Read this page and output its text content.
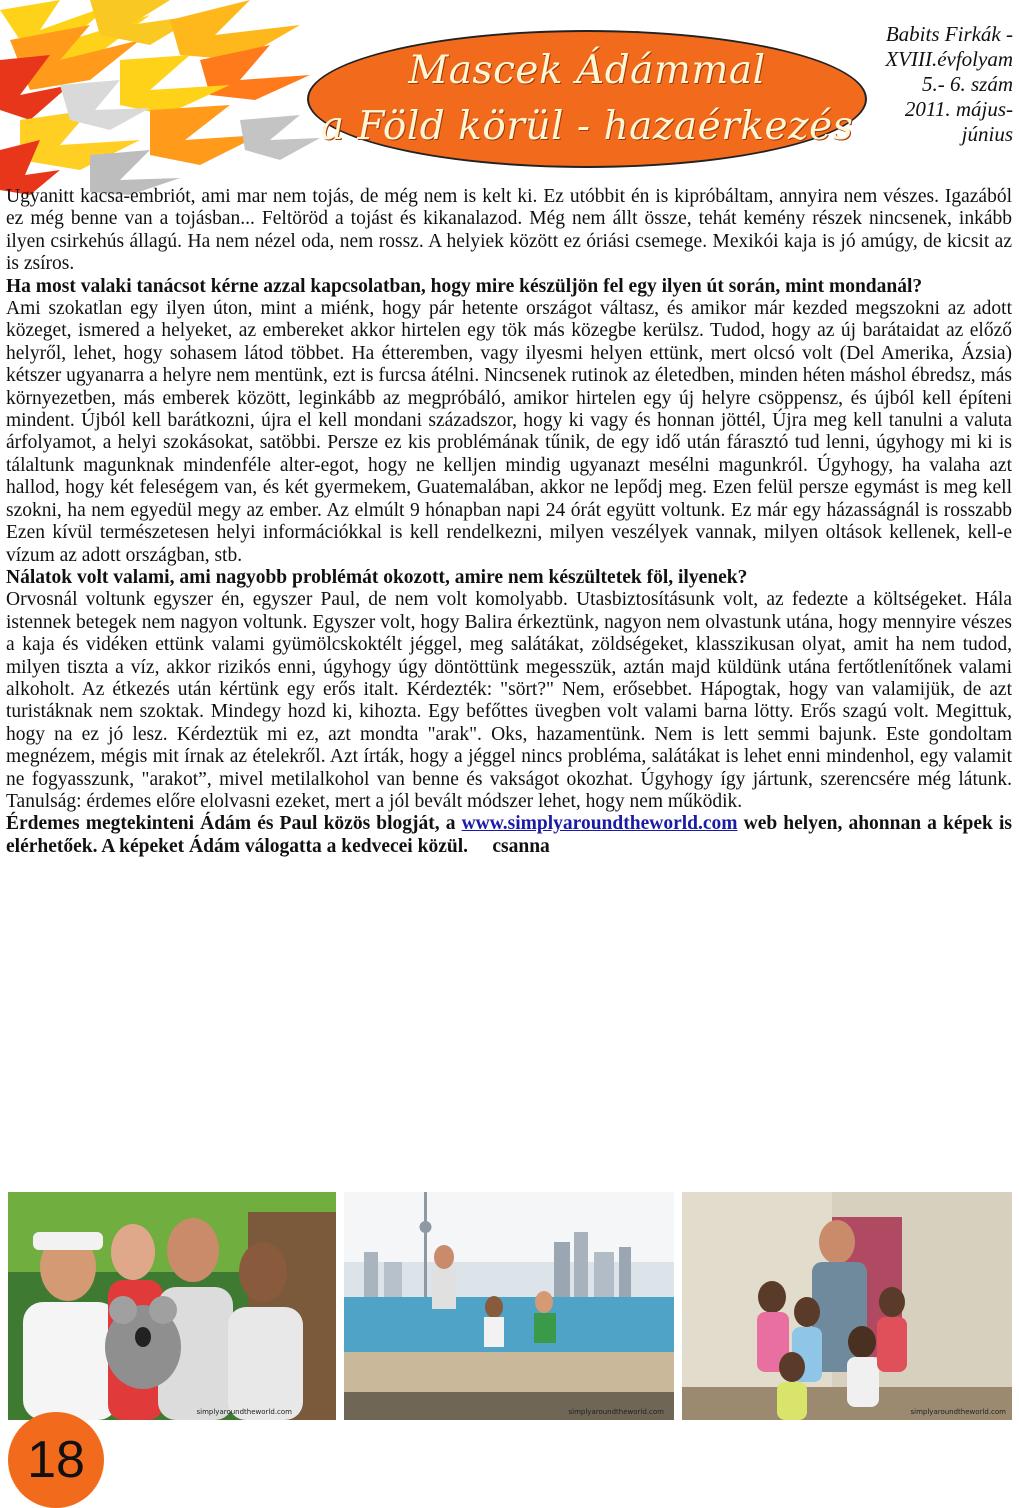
Mascek Ádámmal
a Föld körül - hazaérkezés
Babits Firkák -
XVIII.évfolyam
5.- 6. szám
2011. május-
június

Ugyanitt kacsa-embriót, ami mar nem tojás, de még nem is kelt ki. Ez utóbbit én is kipróbáltam, annyira nem vészes. Igazából ez még benne van a tojásban... Feltöröd a tojást és kikanalazod. Még nem állt össze, tehát kemény részek nincsenek, inkább ilyen csirkehús állagú. Ha nem nézel oda, nem rossz. A helyiek között ez óriási csemege. Mexikói kaja is jó amúgy, de kicsit az is zsíros.

Ha most valaki tanácsot kérne azzal kapcsolatban, hogy mire készüljön fel egy ilyen út során, mint mondanál?

Ami szokatlan egy ilyen úton, mint a miénk, hogy pár hetente országot váltasz, és amikor már kezded megszokni az adott közeget, ismered a helyeket, az embereket akkor hirtelen egy tök más közegbe kerülsz. Tudod, hogy az új barátaidat az előző helyről, lehet, hogy sohasem látod többet. Ha étteremben, vagy ilyesmi helyen ettünk, mert olcsó volt (Del Amerika, Ázsia) kétszer ugyanarra a helyre nem mentünk, ezt is furcsa átélni. Nincsenek rutinok az életedben, minden héten máshol ébredsz, más környezetben, más emberek között, leginkább az megpróbáló, amikor hirtelen egy új helyre csöppensz, és újból kell építeni mindent. Újból kell barátkozni, újra el kell mondani századszor, hogy ki vagy és honnan jöttél, Újra meg kell tanulni a valuta árfolyamot, a helyi szokásokat, satöbbi. Persze ez kis problémának tűnik, de egy idő után fárasztó tud lenni, úgyhogy mi ki is tálaltunk magunknak mindenféle alter-egot, hogy ne kelljen mindig ugyanazt mesélni magunkról. Úgyhogy, ha valaha azt hallod, hogy két feleségem van, és két gyermekem, Guatemalában, akkor ne lepődj meg. Ezen felül persze egymást is meg kell szokni, ha nem egyedül megy az ember. Az elmúlt 9 hónapban napi 24 órát együtt voltunk. Ez már egy házasságnál is rosszabb Ezen kívül természetesen helyi információkkal is kell rendelkezni, milyen veszélyek vannak, milyen oltások kellenek, kell-e vízum az adott országban, stb.

Nálatok volt valami, ami nagyobb problémát okozott, amire nem készültetek föl, ilyenek?

Orvosnál voltunk egyszer én, egyszer Paul, de nem volt komolyabb. Utasbiztosításunk volt, az fedezte a költségeket. Hála istennek betegek nem nagyon voltunk. Egyszer volt, hogy Balira érkeztünk, nagyon nem olvastunk utána, hogy mennyire vészes a kaja és vidéken ettünk valami gyümölcskoktélt jéggel, meg salátákat, zöldségeket, klasszikusan olyat, amit ha nem tudod, milyen tiszta a víz, akkor rizikós enni, úgyhogy úgy döntöttünk megesszük, aztán majd küldünk utána fertőtlenítőnek valami alkoholt. Az étkezés után kértünk egy erős italt. Kérdezték: "sört?" Nem, erősebbet. Hápogtak, hogy van valamijük, de azt turistáknak nem szoktak. Mindegy hozd ki, kihozta. Egy befőttes üvegben volt valami barna lötty. Erős szagú volt. Megittuk, hogy na ez jó lesz. Kérdeztük mi ez, azt mondta "arak". Oks, hazamentünk. Nem is lett semmi bajunk. Este gondoltam megnézem, mégis mit írnak az ételekről. Azt írták, hogy a jéggel nincs probléma, salátákat is lehet enni mindenhol, egy valamit ne fogyasszunk, "arakot”, mivel metilalkohol van benne és vakságot okozhat. Úgyhogy így jártunk, szerencsére még látunk. Tanulság: érdemes előre elolvasni ezeket, mert a jól bevált módszer lehet, hogy nem működik.

Érdemes megtekinteni Ádám és Paul közös blogját, a www.simplyaroundtheworld.com web helyen, ahonnan a képek is elérhetőek. A képeket Ádám válogatta a kedvecei közül. csanna

simplyaroundtheworld.com	simplyaroundtheworld.com	simplyaroundtheworld.com
18
